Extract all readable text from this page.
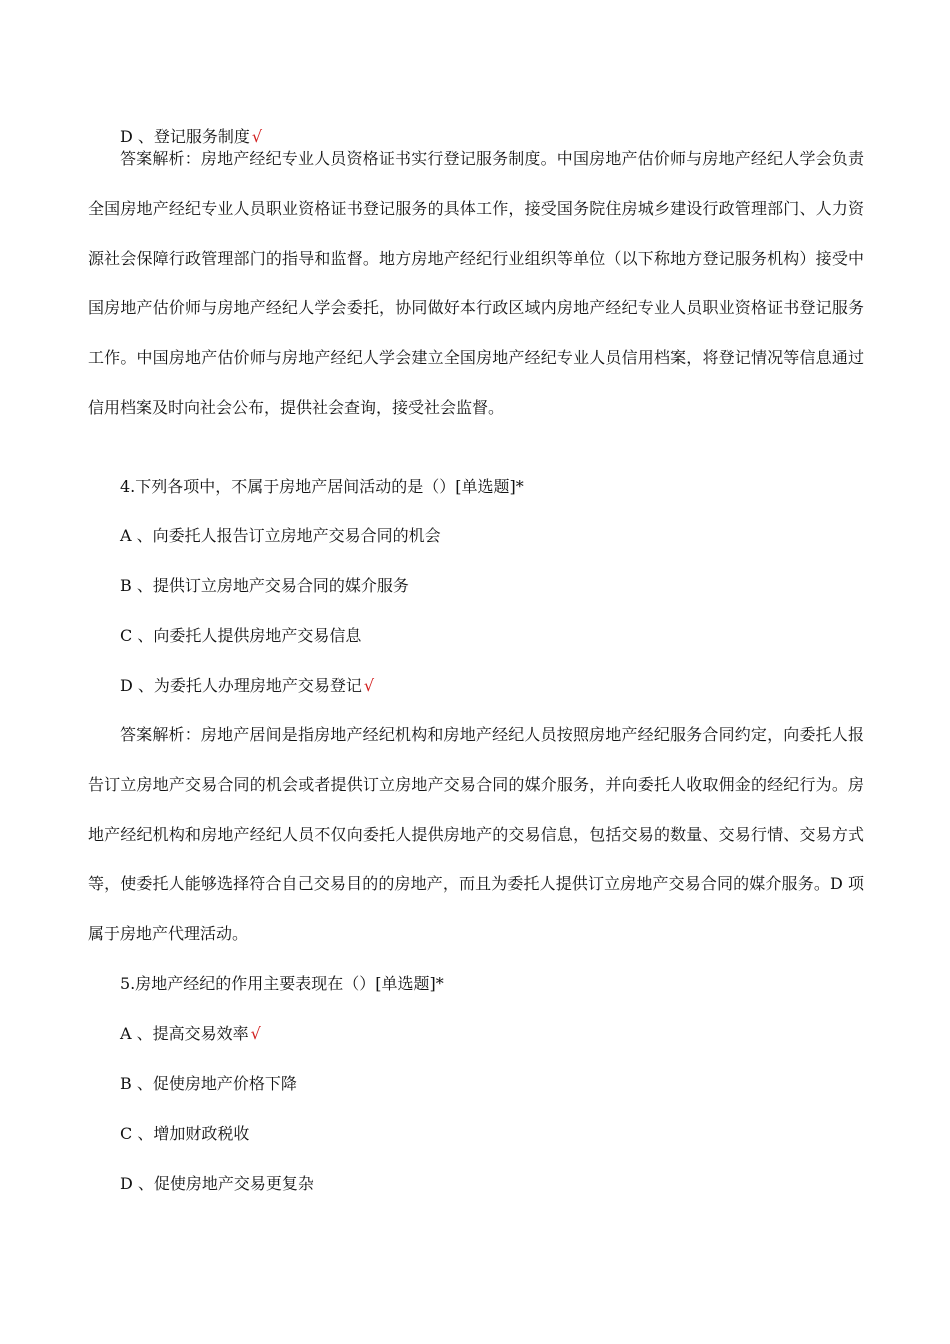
D 、登记服务制度 √
答案解析：房地产经纪专业人员资格证书实行登记服务制度。中国房地产估价师与房地产经纪人学会负责全国房地产经纪专业人员职业资格证书登记服务的具体工作，接受国务院住房城乡建设行政管理部门、人力资源社会保障行政管理部门的指导和监督。地方房地产经纪行业组织等单位（以下称地方登记服务机构）接受中国房地产估价师与房地产经纪人学会委托，协同做好本行政区域内房地产经纪专业人员职业资格证书登记服务工作。中国房地产估价师与房地产经纪人学会建立全国房地产经纪专业人员信用档案，将登记情况等信息通过信用档案及时向社会公布，提供社会查询，接受社会监督。
4.下列各项中，不属于房地产居间活动的是（）[单选题]*
A 、向委托人报告订立房地产交易合同的机会
B 、提供订立房地产交易合同的媒介服务
C 、向委托人提供房地产交易信息
D 、为委托人办理房地产交易登记 √
答案解析：房地产居间是指房地产经纪机构和房地产经纪人员按照房地产经纪服务合同约定，向委托人报告订立房地产交易合同的机会或者提供订立房地产交易合同的媒介服务，并向委托人收取佣金的经纪行为。房地产经纪机构和房地产经纪人员不仅向委托人提供房地产的交易信息，包括交易的数量、交易行情、交易方式等，使委托人能够选择符合自己交易目的的房地产，而且为委托人提供订立房地产交易合同的媒介服务。D 项属于房地产代理活动。
5.房地产经纪的作用主要表现在（）[单选题]*
A 、提高交易效率 √
B 、促使房地产价格下降
C 、增加财政税收
D 、促使房地产交易更复杂
